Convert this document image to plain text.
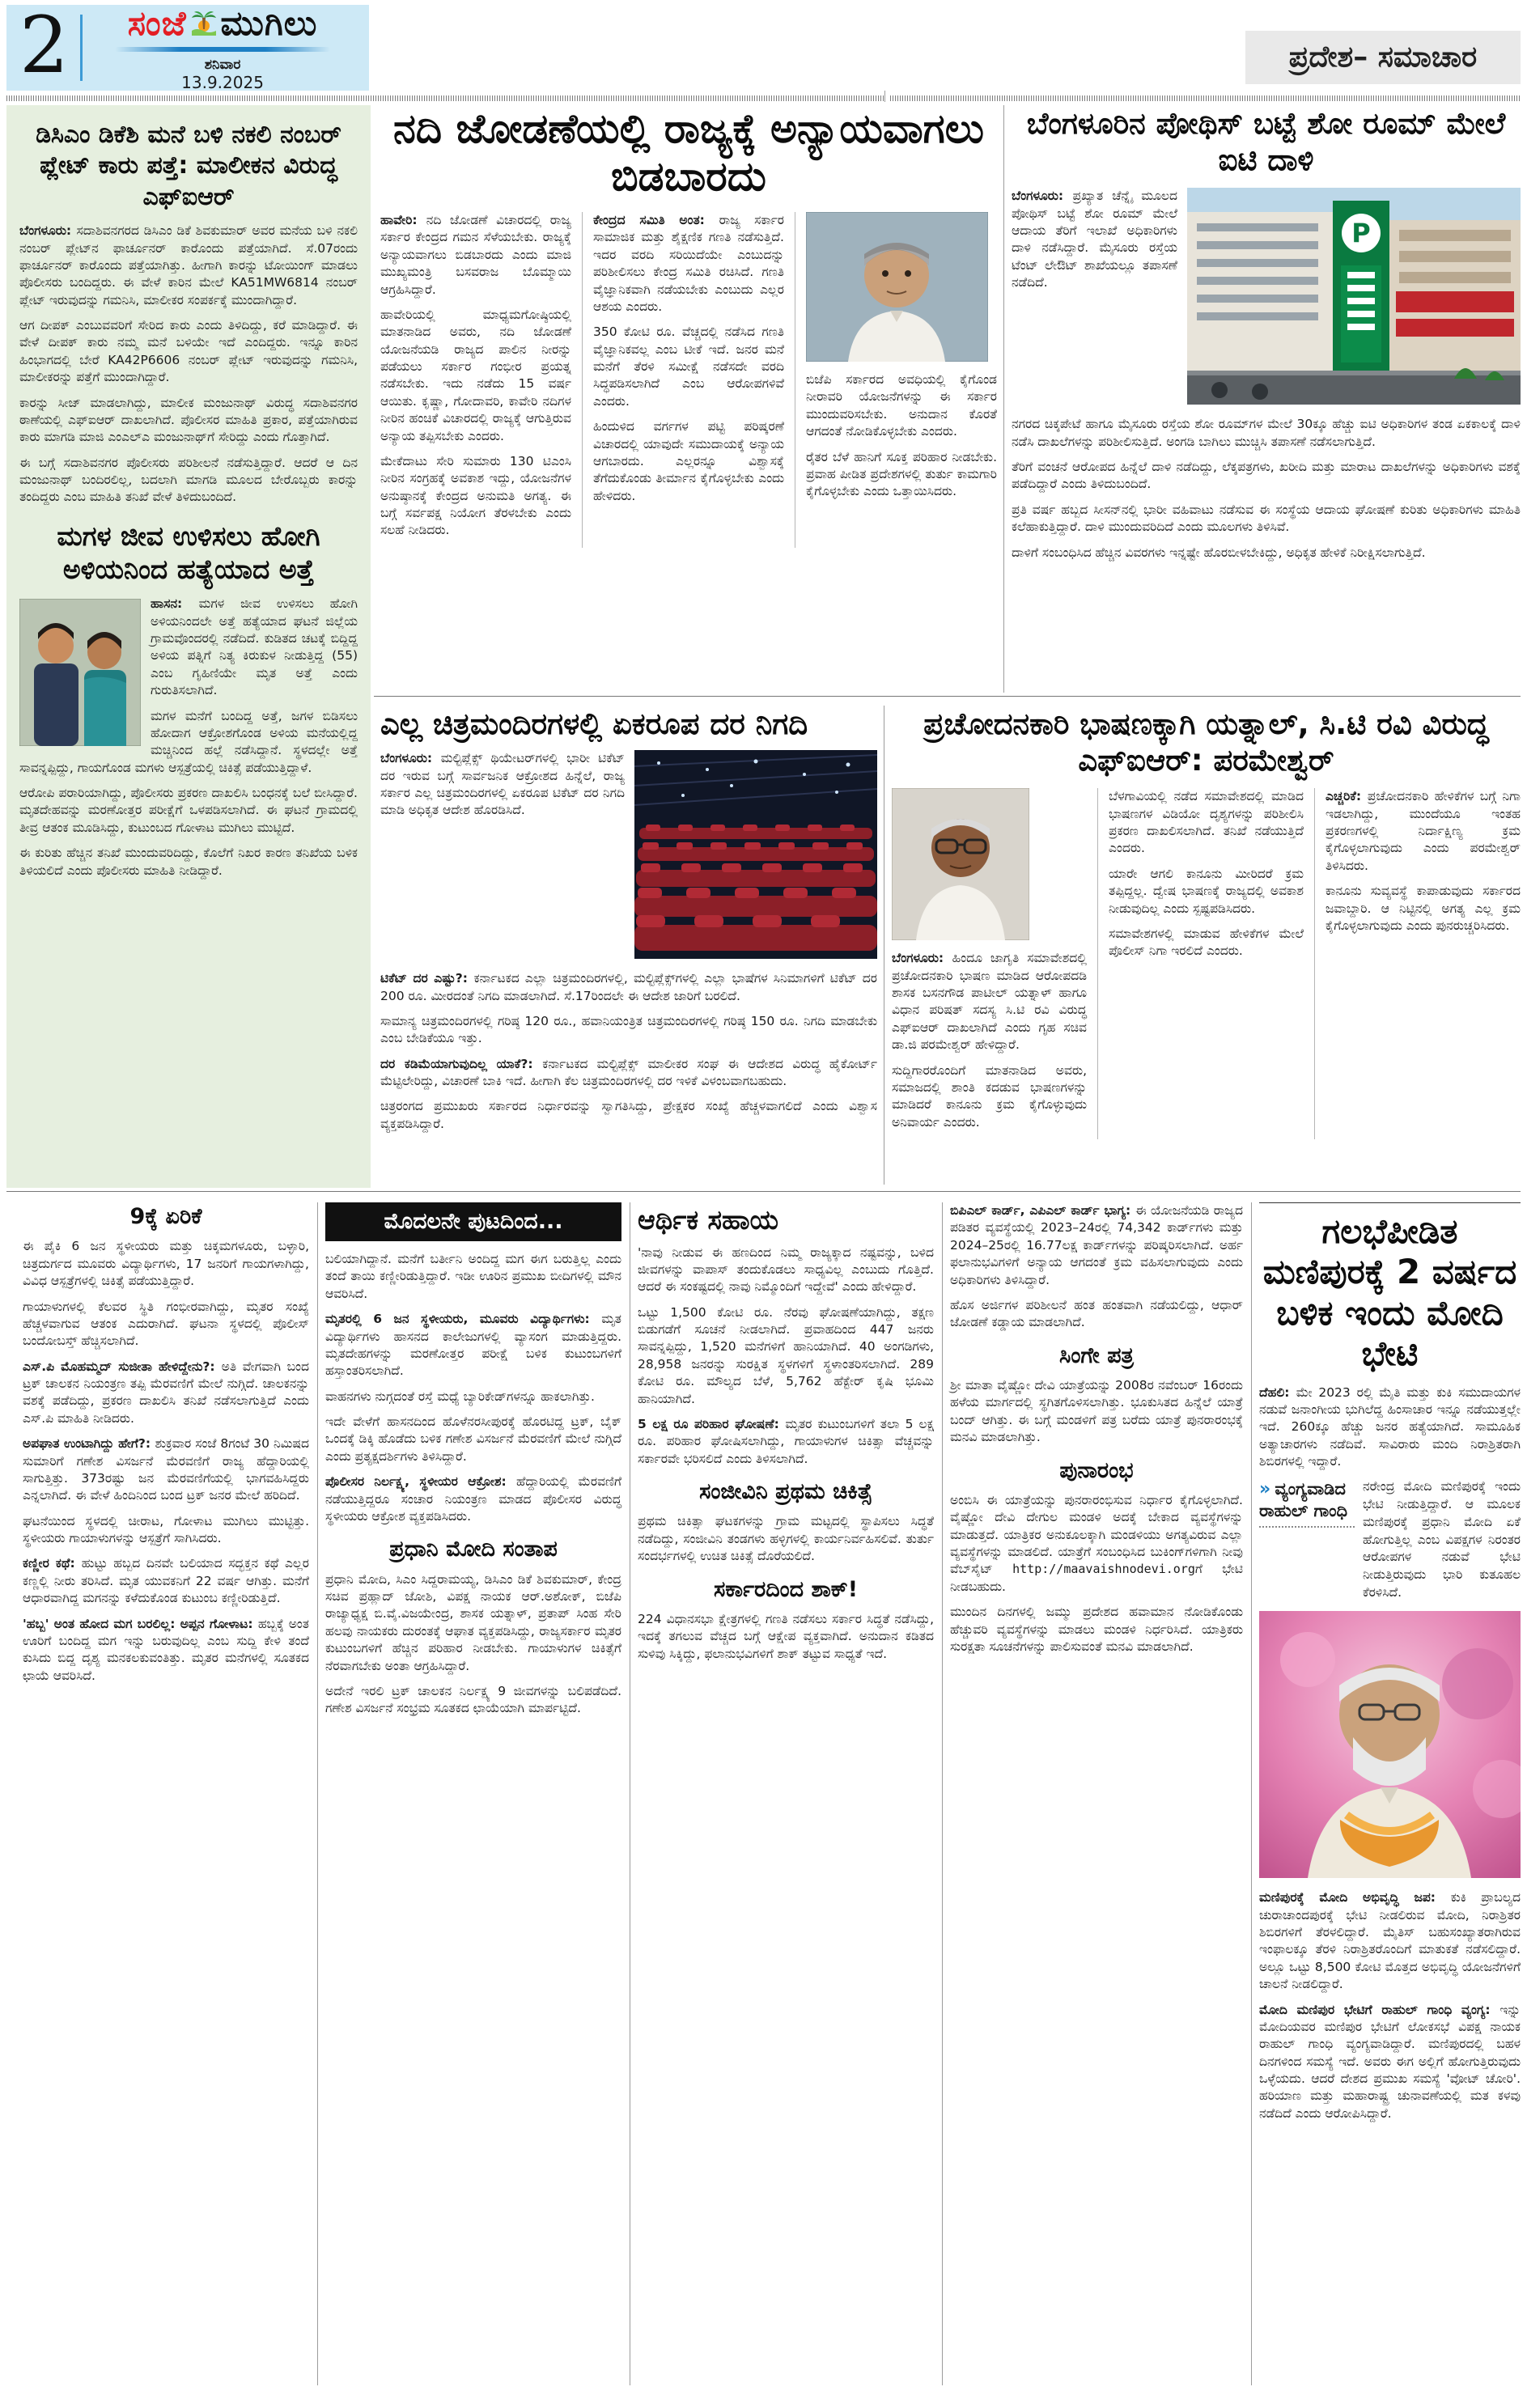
2	ಸಂಜೆ ಮುಗಿಲು
ಶನಿವಾರ
13.9.2025
ಪ್ರದೇಶ– ಸಮಾಚಾರ
ಡಿಸಿಎಂ ಡಿಕೆಶಿ ಮನೆ ಬಳಿ ನಕಲಿ ನಂಬರ್ ಪ್ಲೇಟ್ ಕಾರು ಪತ್ತೆ: ಮಾಲೀಕನ ವಿರುದ್ಧ ಎಫ್ಐಆರ್

ಬೆಂಗಳೂರು: ಸದಾಶಿವನಗರದ ಡಿಸಿಎಂ ಡಿಕೆ ಶಿವಕುಮಾರ್ ಅವರ ಮನೆಯ ಬಳಿ ನಕಲಿ ನಂಬರ್ ಪ್ಲೇಟ್‌ನ ಫಾರ್ಚೂನರ್ ಕಾರೊಂದು ಪತ್ತೆಯಾಗಿದೆ. ಸೆ.07ರಂದು ಫಾರ್ಚೂನರ್ ಕಾರೊಂದು ಪತ್ತೆಯಾಗಿತ್ತು. ಹೀಗಾಗಿ ಕಾರನ್ನು ಟೋಯಿಂಗ್ ಮಾಡಲು ಪೊಲೀಸರು ಬಂದಿದ್ದರು. ಈ ವೇಳೆ ಕಾರಿನ ಮೇಲೆ KA51MW6814 ನಂಬರ್ ಪ್ಲೇಟ್ ಇರುವುದನ್ನು ಗಮನಿಸಿ, ಮಾಲೀಕರ ಸಂಪರ್ಕಕ್ಕೆ ಮುಂದಾಗಿದ್ದಾರೆ.

ಆಗ ದೀಪಕ್ ಎಂಬುವವರಿಗೆ ಸೇರಿದ ಕಾರು ಎಂದು ತಿಳಿದಿದ್ದು, ಕರೆ ಮಾಡಿದ್ದಾರೆ. ಈ ವೇಳೆ ದೀಪಕ್ ಕಾರು ನಮ್ಮ ಮನೆ ಬಳಿಯೇ ಇದೆ ಎಂದಿದ್ದರು. ಇನ್ನೂ ಕಾರಿನ ಹಿಂಭಾಗದಲ್ಲಿ ಬೇರೆ KA42P6606 ನಂಬರ್ ಪ್ಲೇಟ್ ಇರುವುದನ್ನು ಗಮನಿಸಿ, ಮಾಲೀಕರನ್ನು ಪತ್ತೆಗೆ ಮುಂದಾಗಿದ್ದಾರೆ.

ಕಾರನ್ನು ಸೀಜ್ ಮಾಡಲಾಗಿದ್ದು, ಮಾಲೀಕ ಮಂಜುನಾಥ್ ವಿರುದ್ಧ ಸದಾಶಿವನಗರ ಠಾಣೆಯಲ್ಲಿ ಎಫ್ಐಆರ್ ದಾಖಲಾಗಿದೆ. ಪೊಲೀಸರ ಮಾಹಿತಿ ಪ್ರಕಾರ, ಪತ್ತೆಯಾಗಿರುವ ಕಾರು ಮಾಗಡಿ ಮಾಜಿ ಎಂಎಲ್ಎ ಮಂಜುನಾಥ್‌ಗೆ ಸೇರಿದ್ದು ಎಂದು ಗೊತ್ತಾಗಿದೆ.

ಈ ಬಗ್ಗೆ ಸದಾಶಿವನಗರ ಪೊಲೀಸರು ಪರಿಶೀಲನೆ ನಡೆಸುತ್ತಿದ್ದಾರೆ. ಆದರೆ ಆ ದಿನ ಮಂಜುನಾಥ್ ಬಂದಿರಲಿಲ್ಲ, ಬದಲಾಗಿ ಮಾಗಡಿ ಮೂಲದ ಬೇರೊಬ್ಬರು ಕಾರನ್ನು ತಂದಿದ್ದರು ಎಂಬ ಮಾಹಿತಿ ತನಿಖೆ ವೇಳೆ ತಿಳಿದುಬಂದಿದೆ.

ಮಗಳ ಜೀವ ಉಳಿಸಲು ಹೋಗಿ ಅಳಿಯನಿಂದ ಹತ್ಯೆಯಾದ ಅತ್ತೆ

ಹಾಸನ: ಮಗಳ ಜೀವ ಉಳಿಸಲು ಹೋಗಿ ಅಳಿಯನಿಂದಲೇ ಅತ್ತೆ ಹತ್ಯೆಯಾದ ಘಟನೆ ಜಿಲ್ಲೆಯ ಗ್ರಾಮವೊಂದರಲ್ಲಿ ನಡೆದಿದೆ. ಕುಡಿತದ ಚಟಕ್ಕೆ ಬಿದ್ದಿದ್ದ ಅಳಿಯ ಪತ್ನಿಗೆ ನಿತ್ಯ ಕಿರುಕುಳ ನೀಡುತ್ತಿದ್ದ (55) ಎಂಬ ಗೃಹಿಣಿಯೇ ಮೃತ ಅತ್ತೆ ಎಂದು ಗುರುತಿಸಲಾಗಿದೆ.

ಮಗಳ ಮನೆಗೆ ಬಂದಿದ್ದ ಅತ್ತೆ, ಜಗಳ ಬಿಡಿಸಲು ಹೋದಾಗ ಆಕ್ರೋಶಗೊಂಡ ಅಳಿಯ ಮನೆಯಲ್ಲಿದ್ದ ಮಚ್ಚಿನಿಂದ ಹಲ್ಲೆ ನಡೆಸಿದ್ದಾನೆ. ಸ್ಥಳದಲ್ಲೇ ಅತ್ತೆ ಸಾವನ್ನಪ್ಪಿದ್ದು, ಗಾಯಗೊಂಡ ಮಗಳು ಆಸ್ಪತ್ರೆಯಲ್ಲಿ ಚಿಕಿತ್ಸೆ ಪಡೆಯುತ್ತಿದ್ದಾಳೆ.

ಆರೋಪಿ ಪರಾರಿಯಾಗಿದ್ದು, ಪೊಲೀಸರು ಪ್ರಕರಣ ದಾಖಲಿಸಿ ಬಂಧನಕ್ಕೆ ಬಲೆ ಬೀಸಿದ್ದಾರೆ. ಮೃತದೇಹವನ್ನು ಮರಣೋತ್ತರ ಪರೀಕ್ಷೆಗೆ ಒಳಪಡಿಸಲಾಗಿದೆ. ಈ ಘಟನೆ ಗ್ರಾಮದಲ್ಲಿ ತೀವ್ರ ಆತಂಕ ಮೂಡಿಸಿದ್ದು, ಕುಟುಂಬದ ಗೋಳಾಟ ಮುಗಿಲು ಮುಟ್ಟಿದೆ.

ಈ ಕುರಿತು ಹೆಚ್ಚಿನ ತನಿಖೆ ಮುಂದುವರಿದಿದ್ದು, ಕೊಲೆಗೆ ನಿಖರ ಕಾರಣ ತನಿಖೆಯ ಬಳಿಕ ತಿಳಿಯಲಿದೆ ಎಂದು ಪೊಲೀಸರು ಮಾಹಿತಿ ನೀಡಿದ್ದಾರೆ.

ನದಿ ಜೋಡಣೆಯಲ್ಲಿ ರಾಜ್ಯಕ್ಕೆ ಅನ್ಯಾಯವಾಗಲು ಬಿಡಬಾರದು

ಹಾವೇರಿ: ನದಿ ಜೋಡಣೆ ವಿಚಾರದಲ್ಲಿ ರಾಜ್ಯ ಸರ್ಕಾರ ಕೇಂದ್ರದ ಗಮನ ಸೆಳೆಯಬೇಕು. ರಾಜ್ಯಕ್ಕೆ ಅನ್ಯಾಯವಾಗಲು ಬಿಡಬಾರದು ಎಂದು ಮಾಜಿ ಮುಖ್ಯಮಂತ್ರಿ ಬಸವರಾಜ ಬೊಮ್ಮಾಯಿ ಆಗ್ರಹಿಸಿದ್ದಾರೆ.

ಹಾವೇರಿಯಲ್ಲಿ ಮಾಧ್ಯಮಗೋಷ್ಠಿಯಲ್ಲಿ ಮಾತನಾಡಿದ ಅವರು, ನದಿ ಜೋಡಣೆ ಯೋಜನೆಯಡಿ ರಾಜ್ಯದ ಪಾಲಿನ ನೀರನ್ನು ಪಡೆಯಲು ಸರ್ಕಾರ ಗಂಭೀರ ಪ್ರಯತ್ನ ನಡೆಸಬೇಕು. ಇದು ನಡೆದು 15 ವರ್ಷ ಆಯಿತು. ಕೃಷ್ಣಾ, ಗೋದಾವರಿ, ಕಾವೇರಿ ನದಿಗಳ ನೀರಿನ ಹಂಚಿಕೆ ವಿಚಾರದಲ್ಲಿ ರಾಜ್ಯಕ್ಕೆ ಆಗುತ್ತಿರುವ ಅನ್ಯಾಯ ತಪ್ಪಿಸಬೇಕು ಎಂದರು.

ಮೇಕೆದಾಟು ಸೇರಿ ಸುಮಾರು 130 ಟಿಎಂಸಿ ನೀರಿನ ಸಂಗ್ರಹಕ್ಕೆ ಅವಕಾಶ ಇದ್ದು, ಯೋಜನೆಗಳ ಅನುಷ್ಠಾನಕ್ಕೆ ಕೇಂದ್ರದ ಅನುಮತಿ ಅಗತ್ಯ. ಈ ಬಗ್ಗೆ ಸರ್ವಪಕ್ಷ ನಿಯೋಗ ತೆರಳಬೇಕು ಎಂದು ಸಲಹೆ ನೀಡಿದರು.

ಕೇಂದ್ರದ ಸಮಿತಿ ಅಂತ: ರಾಜ್ಯ ಸರ್ಕಾರ ಸಾಮಾಜಿಕ ಮತ್ತು ಶೈಕ್ಷಣಿಕ ಗಣತಿ ನಡೆಸುತ್ತಿದೆ. ಇದರ ವರದಿ ಸರಿಯಿದೆಯೇ ಎಂಬುದನ್ನು ಪರಿಶೀಲಿಸಲು ಕೇಂದ್ರ ಸಮಿತಿ ರಚಿಸಿದೆ. ಗಣತಿ ವೈಜ್ಞಾನಿಕವಾಗಿ ನಡೆಯಬೇಕು ಎಂಬುದು ಎಲ್ಲರ ಆಶಯ ಎಂದರು.

350 ಕೋಟಿ ರೂ. ವೆಚ್ಚದಲ್ಲಿ ನಡೆಸಿದ ಗಣತಿ ವೈಜ್ಞಾನಿಕವಲ್ಲ ಎಂಬ ಟೀಕೆ ಇದೆ. ಜನರ ಮನೆ ಮನೆಗೆ ತೆರಳಿ ಸಮೀಕ್ಷೆ ನಡೆಸದೇ ವರದಿ ಸಿದ್ಧಪಡಿಸಲಾಗಿದೆ ಎಂಬ ಆರೋಪಗಳಿವೆ ಎಂದರು.

ಹಿಂದುಳಿದ ವರ್ಗಗಳ ಪಟ್ಟಿ ಪರಿಷ್ಕರಣೆ ವಿಚಾರದಲ್ಲಿ ಯಾವುದೇ ಸಮುದಾಯಕ್ಕೆ ಅನ್ಯಾಯ ಆಗಬಾರದು. ಎಲ್ಲರನ್ನೂ ವಿಶ್ವಾಸಕ್ಕೆ ತೆಗೆದುಕೊಂಡು ತೀರ್ಮಾನ ಕೈಗೊಳ್ಳಬೇಕು ಎಂದು ಹೇಳಿದರು.

ಬಿಜೆಪಿ ಸರ್ಕಾರದ ಅವಧಿಯಲ್ಲಿ ಕೈಗೊಂಡ ನೀರಾವರಿ ಯೋಜನೆಗಳನ್ನು ಈ ಸರ್ಕಾರ ಮುಂದುವರಿಸಬೇಕು. ಅನುದಾನ ಕೊರತೆ ಆಗದಂತೆ ನೋಡಿಕೊಳ್ಳಬೇಕು ಎಂದರು.

ರೈತರ ಬೆಳೆ ಹಾನಿಗೆ ಸೂಕ್ತ ಪರಿಹಾರ ನೀಡಬೇಕು. ಪ್ರವಾಹ ಪೀಡಿತ ಪ್ರದೇಶಗಳಲ್ಲಿ ತುರ್ತು ಕಾಮಗಾರಿ ಕೈಗೊಳ್ಳಬೇಕು ಎಂದು ಒತ್ತಾಯಿಸಿದರು.

ಬೆಂಗಳೂರಿನ ಪೋಥಿಸ್ ಬಟ್ಟೆ ಶೋ ರೂಮ್ ಮೇಲೆ ಐಟಿ ದಾಳಿ

ಬೆಂಗಳೂರು: ಪ್ರಖ್ಯಾತ ಚೆನ್ನೈ ಮೂಲದ ಪೋಥಿಸ್ ಬಟ್ಟೆ ಶೋ ರೂಮ್ ಮೇಲೆ ಆದಾಯ ತೆರಿಗೆ ಇಲಾಖೆ ಅಧಿಕಾರಿಗಳು ದಾಳಿ ನಡೆಸಿದ್ದಾರೆ. ಮೈಸೂರು ರಸ್ತೆಯ ಟೆಂಟ್ ಲೇಔಟ್ ಶಾಖೆಯಲ್ಲೂ ತಪಾಸಣೆ ನಡೆದಿದೆ.

P

ನಗರದ ಚಿಕ್ಕಪೇಟೆ ಹಾಗೂ ಮೈಸೂರು ರಸ್ತೆಯ ಶೋ ರೂಮ್‌ಗಳ ಮೇಲೆ 30ಕ್ಕೂ ಹೆಚ್ಚು ಐಟಿ ಅಧಿಕಾರಿಗಳ ತಂಡ ಏಕಕಾಲಕ್ಕೆ ದಾಳಿ ನಡೆಸಿ ದಾಖಲೆಗಳನ್ನು ಪರಿಶೀಲಿಸುತ್ತಿದೆ. ಅಂಗಡಿ ಬಾಗಿಲು ಮುಚ್ಚಿಸಿ ತಪಾಸಣೆ ನಡೆಸಲಾಗುತ್ತಿದೆ.

ತೆರಿಗೆ ವಂಚನೆ ಆರೋಪದ ಹಿನ್ನೆಲೆ ದಾಳಿ ನಡೆದಿದ್ದು, ಲೆಕ್ಕಪತ್ರಗಳು, ಖರೀದಿ ಮತ್ತು ಮಾರಾಟ ದಾಖಲೆಗಳನ್ನು ಅಧಿಕಾರಿಗಳು ವಶಕ್ಕೆ ಪಡೆದಿದ್ದಾರೆ ಎಂದು ತಿಳಿದುಬಂದಿದೆ.

ಪ್ರತಿ ವರ್ಷ ಹಬ್ಬದ ಸೀಸನ್‌ನಲ್ಲಿ ಭಾರೀ ವಹಿವಾಟು ನಡೆಸುವ ಈ ಸಂಸ್ಥೆಯ ಆದಾಯ ಘೋಷಣೆ ಕುರಿತು ಅಧಿಕಾರಿಗಳು ಮಾಹಿತಿ ಕಲೆಹಾಕುತ್ತಿದ್ದಾರೆ. ದಾಳಿ ಮುಂದುವರಿದಿದೆ ಎಂದು ಮೂಲಗಳು ತಿಳಿಸಿವೆ.

ದಾಳಿಗೆ ಸಂಬಂಧಿಸಿದ ಹೆಚ್ಚಿನ ವಿವರಗಳು ಇನ್ನಷ್ಟೇ ಹೊರಬೀಳಬೇಕಿದ್ದು, ಅಧಿಕೃತ ಹೇಳಿಕೆ ನಿರೀಕ್ಷಿಸಲಾಗುತ್ತಿದೆ.

ಎಲ್ಲ ಚಿತ್ರಮಂದಿರಗಳಲ್ಲಿ ಏಕರೂಪ ದರ ನಿಗದಿ

ಬೆಂಗಳೂರು: ಮಲ್ಟಿಪ್ಲೆಕ್ಸ್ ಥಿಯೇಟರ್‌ಗಳಲ್ಲಿ ಭಾರೀ ಟಿಕೆಟ್ ದರ ಇರುವ ಬಗ್ಗೆ ಸಾರ್ವಜನಿಕ ಆಕ್ರೋಶದ ಹಿನ್ನೆಲೆ, ರಾಜ್ಯ ಸರ್ಕಾರ ಎಲ್ಲ ಚಿತ್ರಮಂದಿರಗಳಲ್ಲಿ ಏಕರೂಪ ಟಿಕೆಟ್ ದರ ನಿಗದಿ ಮಾಡಿ ಅಧಿಕೃತ ಆದೇಶ ಹೊರಡಿಸಿದೆ.

ಟಿಕೆಟ್ ದರ ಎಷ್ಟು?: ಕರ್ನಾಟಕದ ಎಲ್ಲಾ ಚಿತ್ರಮಂದಿರಗಳಲ್ಲಿ, ಮಲ್ಟಿಪ್ಲೆಕ್ಸ್‌ಗಳಲ್ಲಿ ಎಲ್ಲಾ ಭಾಷೆಗಳ ಸಿನಿಮಾಗಳಿಗೆ ಟಿಕೆಟ್ ದರ 200 ರೂ. ಮೀರದಂತೆ ನಿಗದಿ ಮಾಡಲಾಗಿದೆ. ಸೆ.17ರಿಂದಲೇ ಈ ಆದೇಶ ಜಾರಿಗೆ ಬರಲಿದೆ.

ಸಾಮಾನ್ಯ ಚಿತ್ರಮಂದಿರಗಳಲ್ಲಿ ಗರಿಷ್ಠ 120 ರೂ., ಹವಾನಿಯಂತ್ರಿತ ಚಿತ್ರಮಂದಿರಗಳಲ್ಲಿ ಗರಿಷ್ಠ 150 ರೂ. ನಿಗದಿ ಮಾಡಬೇಕು ಎಂಬ ಬೇಡಿಕೆಯೂ ಇತ್ತು.

ದರ ಕಡಿಮೆಯಾಗುವುದಿಲ್ಲ ಯಾಕೆ?: ಕರ್ನಾಟಕದ ಮಲ್ಟಿಪ್ಲೆಕ್ಸ್ ಮಾಲೀಕರ ಸಂಘ ಈ ಆದೇಶದ ವಿರುದ್ಧ ಹೈಕೋರ್ಟ್ ಮೆಟ್ಟಿಲೇರಿದ್ದು, ವಿಚಾರಣೆ ಬಾಕಿ ಇದೆ. ಹೀಗಾಗಿ ಕೆಲ ಚಿತ್ರಮಂದಿರಗಳಲ್ಲಿ ದರ ಇಳಿಕೆ ವಿಳಂಬವಾಗಬಹುದು.

ಚಿತ್ರರಂಗದ ಪ್ರಮುಖರು ಸರ್ಕಾರದ ನಿರ್ಧಾರವನ್ನು ಸ್ವಾಗತಿಸಿದ್ದು, ಪ್ರೇಕ್ಷಕರ ಸಂಖ್ಯೆ ಹೆಚ್ಚಳವಾಗಲಿದೆ ಎಂದು ವಿಶ್ವಾಸ ವ್ಯಕ್ತಪಡಿಸಿದ್ದಾರೆ.

ಪ್ರಚೋದನಕಾರಿ ಭಾಷಣಕ್ಕಾಗಿ ಯತ್ನಾಲ್, ಸಿ.ಟಿ ರವಿ ವಿರುದ್ಧ ಎಫ್ಐಆರ್: ಪರಮೇಶ್ವರ್

ಬೆಂಗಳೂರು: ಹಿಂದೂ ಜಾಗೃತಿ ಸಮಾವೇಶದಲ್ಲಿ ಪ್ರಚೋದನಕಾರಿ ಭಾಷಣ ಮಾಡಿದ ಆರೋಪದಡಿ ಶಾಸಕ ಬಸನಗೌಡ ಪಾಟೀಲ್ ಯತ್ನಾಳ್ ಹಾಗೂ ವಿಧಾನ ಪರಿಷತ್ ಸದಸ್ಯ ಸಿ.ಟಿ ರವಿ ವಿರುದ್ಧ ಎಫ್ಐಆರ್ ದಾಖಲಾಗಿದೆ ಎಂದು ಗೃಹ ಸಚಿವ ಡಾ.ಜಿ ಪರಮೇಶ್ವರ್ ಹೇಳಿದ್ದಾರೆ.

ಸುದ್ದಿಗಾರರೊಂದಿಗೆ ಮಾತನಾಡಿದ ಅವರು, ಸಮಾಜದಲ್ಲಿ ಶಾಂತಿ ಕದಡುವ ಭಾಷಣಗಳನ್ನು ಮಾಡಿದರೆ ಕಾನೂನು ಕ್ರಮ ಕೈಗೊಳ್ಳುವುದು ಅನಿವಾರ್ಯ ಎಂದರು.

ಬೆಳಗಾವಿಯಲ್ಲಿ ನಡೆದ ಸಮಾವೇಶದಲ್ಲಿ ಮಾಡಿದ ಭಾಷಣಗಳ ವಿಡಿಯೋ ದೃಶ್ಯಗಳನ್ನು ಪರಿಶೀಲಿಸಿ ಪ್ರಕರಣ ದಾಖಲಿಸಲಾಗಿದೆ. ತನಿಖೆ ನಡೆಯುತ್ತಿದೆ ಎಂದರು.

ಯಾರೇ ಆಗಲಿ ಕಾನೂನು ಮೀರಿದರೆ ಕ್ರಮ ತಪ್ಪಿದ್ದಲ್ಲ. ದ್ವೇಷ ಭಾಷಣಕ್ಕೆ ರಾಜ್ಯದಲ್ಲಿ ಅವಕಾಶ ನೀಡುವುದಿಲ್ಲ ಎಂದು ಸ್ಪಷ್ಟಪಡಿಸಿದರು.

ಸಮಾವೇಶಗಳಲ್ಲಿ ಮಾಡುವ ಹೇಳಿಕೆಗಳ ಮೇಲೆ ಪೊಲೀಸ್ ನಿಗಾ ಇರಲಿದೆ ಎಂದರು.

ಎಚ್ಚರಿಕೆ: ಪ್ರಚೋದನಕಾರಿ ಹೇಳಿಕೆಗಳ ಬಗ್ಗೆ ನಿಗಾ ಇಡಲಾಗಿದ್ದು, ಮುಂದೆಯೂ ಇಂತಹ ಪ್ರಕರಣಗಳಲ್ಲಿ ನಿರ್ದಾಕ್ಷಿಣ್ಯ ಕ್ರಮ ಕೈಗೊಳ್ಳಲಾಗುವುದು ಎಂದು ಪರಮೇಶ್ವರ್ ತಿಳಿಸಿದರು.

ಕಾನೂನು ಸುವ್ಯವಸ್ಥೆ ಕಾಪಾಡುವುದು ಸರ್ಕಾರದ ಜವಾಬ್ದಾರಿ. ಆ ನಿಟ್ಟಿನಲ್ಲಿ ಅಗತ್ಯ ಎಲ್ಲ ಕ್ರಮ ಕೈಗೊಳ್ಳಲಾಗುವುದು ಎಂದು ಪುನರುಚ್ಚರಿಸಿದರು.

9ಕ್ಕೆ ಏರಿಕೆ

ಈ ಪೈಕಿ 6 ಜನ ಸ್ಥಳೀಯರು ಮತ್ತು ಚಿಕ್ಕಮಗಳೂರು, ಬಳ್ಳಾರಿ, ಚಿತ್ರದುರ್ಗದ ಮೂವರು ವಿದ್ಯಾರ್ಥಿಗಳು, 17 ಜನರಿಗೆ ಗಾಯಗಳಾಗಿದ್ದು, ವಿವಿಧ ಆಸ್ಪತ್ರೆಗಳಲ್ಲಿ ಚಿಕಿತ್ಸೆ ಪಡೆಯುತ್ತಿದ್ದಾರೆ.

ಗಾಯಾಳುಗಳಲ್ಲಿ ಕೆಲವರ ಸ್ಥಿತಿ ಗಂಭೀರವಾಗಿದ್ದು, ಮೃತರ ಸಂಖ್ಯೆ ಹೆಚ್ಚಳವಾಗುವ ಆತಂಕ ಎದುರಾಗಿದೆ. ಘಟನಾ ಸ್ಥಳದಲ್ಲಿ ಪೊಲೀಸ್ ಬಂದೋಬಸ್ತ್ ಹೆಚ್ಚಿಸಲಾಗಿದೆ.

ಎಸ್.ಪಿ ಮೊಹಮ್ಮದ್ ಸುಜೀತಾ ಹೇಳಿದ್ದೇನು?: ಅತಿ ವೇಗವಾಗಿ ಬಂದ ಟ್ರಕ್ ಚಾಲಕನ ನಿಯಂತ್ರಣ ತಪ್ಪಿ ಮೆರವಣಿಗೆ ಮೇಲೆ ನುಗ್ಗಿದೆ. ಚಾಲಕನನ್ನು ವಶಕ್ಕೆ ಪಡೆದಿದ್ದು, ಪ್ರಕರಣ ದಾಖಲಿಸಿ ತನಿಖೆ ನಡೆಸಲಾಗುತ್ತಿದೆ ಎಂದು ಎಸ್.ಪಿ ಮಾಹಿತಿ ನೀಡಿದರು.

ಅಪಘಾತ ಉಂಟಾಗಿದ್ದು ಹೇಗೆ?: ಶುಕ್ರವಾರ ಸಂಜೆ 8ಗಂಟೆ 30 ನಿಮಿಷದ ಸುಮಾರಿಗೆ ಗಣೇಶ ವಿಸರ್ಜನೆ ಮೆರವಣಿಗೆ ರಾಜ್ಯ ಹೆದ್ದಾರಿಯಲ್ಲಿ ಸಾಗುತ್ತಿತ್ತು. 373ರಷ್ಟು ಜನ ಮೆರವಣಿಗೆಯಲ್ಲಿ ಭಾಗವಹಿಸಿದ್ದರು ಎನ್ನಲಾಗಿದೆ. ಈ ವೇಳೆ ಹಿಂದಿನಿಂದ ಬಂದ ಟ್ರಕ್ ಜನರ ಮೇಲೆ ಹರಿದಿದೆ.

ಘಟನೆಯಿಂದ ಸ್ಥಳದಲ್ಲಿ ಚೀರಾಟ, ಗೋಳಾಟ ಮುಗಿಲು ಮುಟ್ಟಿತ್ತು. ಸ್ಥಳೀಯರು ಗಾಯಾಳುಗಳನ್ನು ಆಸ್ಪತ್ರೆಗೆ ಸಾಗಿಸಿದರು.

ಕಣ್ಣೀರ ಕಥೆ: ಹುಟ್ಟು ಹಬ್ಬದ ದಿನವೇ ಬಲಿಯಾದ ಸದ್ಭಕ್ತನ ಕಥೆ ಎಲ್ಲರ ಕಣ್ಣಲ್ಲಿ ನೀರು ತರಿಸಿದೆ. ಮೃತ ಯುವಕನಿಗೆ 22 ವರ್ಷ ಆಗಿತ್ತು. ಮನೆಗೆ ಆಧಾರವಾಗಿದ್ದ ಮಗನನ್ನು ಕಳೆದುಕೊಂಡ ಕುಟುಂಬ ಕಣ್ಣೀರಿಡುತ್ತಿದೆ.

'ಹಬ್ಬ' ಅಂತ ಹೋದ ಮಗ ಬರಲಿಲ್ಲ: ಅಪ್ಪನ ಗೋಳಾಟ: ಹಬ್ಬಕ್ಕೆ ಅಂತ ಊರಿಗೆ ಬಂದಿದ್ದ ಮಗ ಇನ್ನು ಬರುವುದಿಲ್ಲ ಎಂಬ ಸುದ್ದಿ ಕೇಳಿ ತಂದೆ ಕುಸಿದು ಬಿದ್ದ ದೃಶ್ಯ ಮನಕಲಕುವಂತಿತ್ತು. ಮೃತರ ಮನೆಗಳಲ್ಲಿ ಸೂತಕದ ಛಾಯೆ ಆವರಿಸಿದೆ.

ಮೊದಲನೇ ಪುಟದಿಂದ...

ಬಲಿಯಾಗಿದ್ದಾನೆ. ಮನೆಗೆ ಬರ್ತೀನಿ ಅಂದಿದ್ದ ಮಗ ಈಗ ಬರುತ್ತಿಲ್ಲ ಎಂದು ತಂದೆ ತಾಯಿ ಕಣ್ಣೀರಿಡುತ್ತಿದ್ದಾರೆ. ಇಡೀ ಊರಿನ ಪ್ರಮುಖ ಬೀದಿಗಳಲ್ಲಿ ಮೌನ ಆವರಿಸಿದೆ.

ಮೃತರಲ್ಲಿ 6 ಜನ ಸ್ಥಳೀಯರು, ಮೂವರು ವಿದ್ಯಾರ್ಥಿಗಳು: ಮೃತ ವಿದ್ಯಾರ್ಥಿಗಳು ಹಾಸನದ ಕಾಲೇಜುಗಳಲ್ಲಿ ವ್ಯಾಸಂಗ ಮಾಡುತ್ತಿದ್ದರು. ಮೃತದೇಹಗಳನ್ನು ಮರಣೋತ್ತರ ಪರೀಕ್ಷೆ ಬಳಿಕ ಕುಟುಂಬಗಳಿಗೆ ಹಸ್ತಾಂತರಿಸಲಾಗಿದೆ.

ವಾಹನಗಳು ನುಗ್ಗದಂತೆ ರಸ್ತೆ ಮಧ್ಯೆ ಬ್ಯಾರಿಕೇಡ್‌ಗಳನ್ನೂ ಹಾಕಲಾಗಿತ್ತು.

ಇದೇ ವೇಳೆಗೆ ಹಾಸನದಿಂದ ಹೊಳೆನರಸೀಪುರಕ್ಕೆ ಹೊರಟಿದ್ದ ಟ್ರಕ್, ಬೈಕ್ ಒಂದಕ್ಕೆ ಡಿಕ್ಕಿ ಹೊಡೆದು ಬಳಿಕ ಗಣೇಶ ವಿಸರ್ಜನೆ ಮೆರವಣಿಗೆ ಮೇಲೆ ನುಗ್ಗಿದೆ ಎಂದು ಪ್ರತ್ಯಕ್ಷದರ್ಶಿಗಳು ತಿಳಿಸಿದ್ದಾರೆ.

ಪೊಲೀಸರ ನಿರ್ಲಕ್ಷ್ಯ, ಸ್ಥಳೀಯರ ಆಕ್ರೋಶ: ಹೆದ್ದಾರಿಯಲ್ಲಿ ಮೆರವಣಿಗೆ ನಡೆಯುತ್ತಿದ್ದರೂ ಸಂಚಾರ ನಿಯಂತ್ರಣ ಮಾಡದ ಪೊಲೀಸರ ವಿರುದ್ಧ ಸ್ಥಳೀಯರು ಆಕ್ರೋಶ ವ್ಯಕ್ತಪಡಿಸಿದರು.

ಪ್ರಧಾನಿ ಮೋದಿ ಸಂತಾಪ

ಪ್ರಧಾನಿ ಮೋದಿ, ಸಿಎಂ ಸಿದ್ದರಾಮಯ್ಯ, ಡಿಸಿಎಂ ಡಿಕೆ ಶಿವಕುಮಾರ್, ಕೇಂದ್ರ ಸಚಿವ ಪ್ರಹ್ಲಾದ್ ಜೋಶಿ, ವಿಪಕ್ಷ ನಾಯಕ ಆರ್.ಅಶೋಕ್, ಬಿಜೆಪಿ ರಾಜ್ಯಾಧ್ಯಕ್ಷ ಬಿ.ವೈ.ವಿಜಯೇಂದ್ರ, ಶಾಸಕ ಯತ್ನಾಳ್, ಪ್ರತಾಪ್ ಸಿಂಹ ಸೇರಿ ಹಲವು ನಾಯಕರು ದುರಂತಕ್ಕೆ ಆಘಾತ ವ್ಯಕ್ತಪಡಿಸಿದ್ದು, ರಾಜ್ಯಸರ್ಕಾರ ಮೃತರ ಕುಟುಂಬಗಳಿಗೆ ಹೆಚ್ಚಿನ ಪರಿಹಾರ ನೀಡಬೇಕು. ಗಾಯಾಳುಗಳ ಚಿಕಿತ್ಸೆಗೆ ನೆರವಾಗಬೇಕು ಅಂತಾ ಆಗ್ರಹಿಸಿದ್ದಾರೆ.

ಅದೇನೆ ಇರಲಿ ಟ್ರಕ್ ಚಾಲಕನ ನಿರ್ಲಕ್ಷ್ಯ 9 ಜೀವಗಳನ್ನು ಬಲಿಪಡೆದಿದೆ. ಗಣೇಶ ವಿಸರ್ಜನೆ ಸಂಭ್ರಮ ಸೂತಕದ ಛಾಯೆಯಾಗಿ ಮಾರ್ಪಟ್ಟಿದೆ.

ಆರ್ಥಿಕ ಸಹಾಯ

'ನಾವು ನೀಡುವ ಈ ಹಣದಿಂದ ನಿಮ್ಮ ರಾಜ್ಯಕ್ಕಾದ ನಷ್ಟವನ್ನು, ಬಳಿದ ಜೀವಗಳನ್ನು ವಾಪಾಸ್ ತಂದುಕೊಡಲು ಸಾಧ್ಯವಿಲ್ಲ ಎಂಬುದು ಗೊತ್ತಿದೆ. ಆದರೆ ಈ ಸಂಕಷ್ಟದಲ್ಲಿ ನಾವು ನಿಮ್ಮೊಂದಿಗೆ ಇದ್ದೇವೆ' ಎಂದು ಹೇಳಿದ್ದಾರೆ.

ಒಟ್ಟು 1,500 ಕೋಟಿ ರೂ. ನೆರವು ಘೋಷಣೆಯಾಗಿದ್ದು, ತಕ್ಷಣ ಬಿಡುಗಡೆಗೆ ಸೂಚನೆ ನೀಡಲಾಗಿದೆ. ಪ್ರವಾಹದಿಂದ 447 ಜನರು ಸಾವನ್ನಪ್ಪಿದ್ದು, 1,520 ಮನೆಗಳಿಗೆ ಹಾನಿಯಾಗಿದೆ. 40 ಅಂಗಡಿಗಳು, 28,958 ಜನರನ್ನು ಸುರಕ್ಷಿತ ಸ್ಥಳಗಳಿಗೆ ಸ್ಥಳಾಂತರಿಸಲಾಗಿದೆ. 289 ಕೋಟಿ ರೂ. ಮೌಲ್ಯದ ಬೆಳೆ, 5,762 ಹೆಕ್ಟೇರ್ ಕೃಷಿ ಭೂಮಿ ಹಾನಿಯಾಗಿದೆ.

5 ಲಕ್ಷ ರೂ ಪರಿಹಾರ ಘೋಷಣೆ: ಮೃತರ ಕುಟುಂಬಗಳಿಗೆ ತಲಾ 5 ಲಕ್ಷ ರೂ. ಪರಿಹಾರ ಘೋಷಿಸಲಾಗಿದ್ದು, ಗಾಯಾಳುಗಳ ಚಿಕಿತ್ಸಾ ವೆಚ್ಚವನ್ನು ಸರ್ಕಾರವೇ ಭರಿಸಲಿದೆ ಎಂದು ತಿಳಿಸಲಾಗಿದೆ.

ಸಂಜೀವಿನಿ ಪ್ರಥಮ ಚಿಕಿತ್ಸೆ

ಪ್ರಥಮ ಚಿಕಿತ್ಸಾ ಘಟಕಗಳನ್ನು ಗ್ರಾಮ ಮಟ್ಟದಲ್ಲಿ ಸ್ಥಾಪಿಸಲು ಸಿದ್ಧತೆ ನಡೆದಿದ್ದು, ಸಂಜೀವಿನಿ ತಂಡಗಳು ಹಳ್ಳಿಗಳಲ್ಲಿ ಕಾರ್ಯನಿರ್ವಹಿಸಲಿವೆ. ತುರ್ತು ಸಂದರ್ಭಗಳಲ್ಲಿ ಉಚಿತ ಚಿಕಿತ್ಸೆ ದೊರೆಯಲಿದೆ.

ಸರ್ಕಾರದಿಂದ ಶಾಕ್!

224 ವಿಧಾನಸಭಾ ಕ್ಷೇತ್ರಗಳಲ್ಲಿ ಗಣತಿ ನಡೆಸಲು ಸರ್ಕಾರ ಸಿದ್ಧತೆ ನಡೆಸಿದ್ದು, ಇದಕ್ಕೆ ತಗಲುವ ವೆಚ್ಚದ ಬಗ್ಗೆ ಆಕ್ಷೇಪ ವ್ಯಕ್ತವಾಗಿದೆ. ಅನುದಾನ ಕಡಿತದ ಸುಳಿವು ಸಿಕ್ಕಿದ್ದು, ಫಲಾನುಭವಿಗಳಿಗೆ ಶಾಕ್ ತಟ್ಟುವ ಸಾಧ್ಯತೆ ಇದೆ.

ಬಿಪಿಎಲ್ ಕಾರ್ಡ್, ಎಪಿಎಲ್ ಕಾರ್ಡ್ ಭಾಗ್ಯ: ಈ ಯೋಜನೆಯಡಿ ರಾಜ್ಯದ ಪಡಿತರ ವ್ಯವಸ್ಥೆಯಲ್ಲಿ 2023–24ರಲ್ಲಿ 74,342 ಕಾರ್ಡ್‌ಗಳು ಮತ್ತು 2024–25ರಲ್ಲಿ 16.77ಲಕ್ಷ ಕಾರ್ಡ್‌ಗಳನ್ನು ಪರಿಷ್ಕರಿಸಲಾಗಿದೆ. ಅರ್ಹ ಫಲಾನುಭವಿಗಳಿಗೆ ಅನ್ಯಾಯ ಆಗದಂತೆ ಕ್ರಮ ವಹಿಸಲಾಗುವುದು ಎಂದು ಅಧಿಕಾರಿಗಳು ತಿಳಿಸಿದ್ದಾರೆ.

ಹೊಸ ಅರ್ಜಿಗಳ ಪರಿಶೀಲನೆ ಹಂತ ಹಂತವಾಗಿ ನಡೆಯಲಿದ್ದು, ಆಧಾರ್ ಜೋಡಣೆ ಕಡ್ಡಾಯ ಮಾಡಲಾಗಿದೆ.

ಸಿಂಗೇ ಪತ್ರ

ಶ್ರೀ ಮಾತಾ ವೈಷ್ಣೋ ದೇವಿ ಯಾತ್ರೆಯನ್ನು 2008ರ ನವೆಂಬರ್ 16ರಂದು ಹಳೆಯ ಮಾರ್ಗದಲ್ಲಿ ಸ್ಥಗಿತಗೊಳಿಸಲಾಗಿತ್ತು. ಭೂಕುಸಿತದ ಹಿನ್ನೆಲೆ ಯಾತ್ರೆ ಬಂದ್ ಆಗಿತ್ತು. ಈ ಬಗ್ಗೆ ಮಂಡಳಿಗೆ ಪತ್ರ ಬರೆದು ಯಾತ್ರೆ ಪುನರಾರಂಭಕ್ಕೆ ಮನವಿ ಮಾಡಲಾಗಿತ್ತು.

ಪುನಾರಂಭ

ಅಂಬಿಸಿ ಈ ಯಾತ್ರೆಯನ್ನು ಪುನರಾರಂಭಿಸುವ ನಿರ್ಧಾರ ಕೈಗೊಳ್ಳಲಾಗಿದೆ. ವೈಷ್ಣೋ ದೇವಿ ದೇಗುಲ ಮಂಡಳಿ ಅದಕ್ಕೆ ಬೇಕಾದ ವ್ಯವಸ್ಥೆಗಳನ್ನು ಮಾಡುತ್ತದೆ. ಯಾತ್ರಿಕರ ಅನುಕೂಲಕ್ಕಾಗಿ ಮಂಡಳಿಯು ಅಗತ್ಯವಿರುವ ಎಲ್ಲಾ ವ್ಯವಸ್ಥೆಗಳನ್ನು ಮಾಡಲಿದೆ. ಯಾತ್ರೆಗೆ ಸಂಬಂಧಿಸಿದ ಬುಕಿಂಗ್‌ಗಳಿಗಾಗಿ ನೀವು ವೆಬ್‌ಸೈಟ್ http://maavaishnodevi.orgಗೆ ಭೇಟಿ ನೀಡಬಹುದು.

ಮುಂದಿನ ದಿನಗಳಲ್ಲಿ ಜಮ್ಮು ಪ್ರದೇಶದ ಹವಾಮಾನ ನೋಡಿಕೊಂಡು ಹೆಚ್ಚುವರಿ ವ್ಯವಸ್ಥೆಗಳನ್ನು ಮಾಡಲು ಮಂಡಳಿ ನಿರ್ಧರಿಸಿದೆ. ಯಾತ್ರಿಕರು ಸುರಕ್ಷತಾ ಸೂಚನೆಗಳನ್ನು ಪಾಲಿಸುವಂತೆ ಮನವಿ ಮಾಡಲಾಗಿದೆ.

ಗಲಭೆಪೀಡಿತ ಮಣಿಪುರಕ್ಕೆ 2 ವರ್ಷದ ಬಳಿಕ ಇಂದು ಮೋದಿ ಭೇಟಿ

ದೆಹಲಿ: ಮೇ 2023 ರಲ್ಲಿ ಮೈತಿ ಮತ್ತು ಕುಕಿ ಸಮುದಾಯಗಳ ನಡುವೆ ಜನಾಂಗೀಯ ಭುಗಿಲೆದ್ದ ಹಿಂಸಾಚಾರ ಇನ್ನೂ ನಡೆಯುತ್ತಲ್ಲೇ ಇದೆ. 260ಕ್ಕೂ ಹೆಚ್ಚು ಜನರ ಹತ್ಯೆಯಾಗಿದೆ. ಸಾಮೂಹಿಕ ಅತ್ಯಾಚಾರಗಳು ನಡೆದಿವೆ. ಸಾವಿರಾರು ಮಂದಿ ನಿರಾಶ್ರಿತರಾಗಿ ಶಿಬಿರಗಳಲ್ಲಿ ಇದ್ದಾರೆ.

» ವ್ಯಂಗ್ಯವಾಡಿದ ರಾಹುಲ್ ಗಾಂಧಿ
ನರೇಂದ್ರ ಮೋದಿ ಮಣಿಪುರಕ್ಕೆ ಇಂದು ಭೇಟಿ ನೀಡುತ್ತಿದ್ದಾರೆ. ಆ ಮೂಲಕ ಮಣಿಪುರಕ್ಕೆ ಪ್ರಧಾನಿ ಮೋದಿ ಏಕೆ ಹೋಗುತ್ತಿಲ್ಲ ಎಂಬ ವಿಪಕ್ಷಗಳ ನಿರಂತರ ಆರೋಪಗಳ ನಡುವೆ ಭೇಟಿ ನೀಡುತ್ತಿರುವುದು ಭಾರಿ ಕುತೂಹಲ ಕೆರಳಿಸಿದೆ.

ಮಣಿಪುರಕ್ಕೆ ಮೋದಿ ಅಭಿವೃದ್ಧಿ ಜಪ: ಕುಕಿ ಪ್ರಾಬಲ್ಯದ ಚುರಾಚಾಂದಪುರಕ್ಕೆ ಭೇಟಿ ನೀಡಲಿರುವ ಮೋದಿ, ನಿರಾಶ್ರಿತರ ಶಿಬಿರಗಳಿಗೆ ತೆರಳಲಿದ್ದಾರೆ. ಮೈತಿಸ್ ಬಹುಸಂಖ್ಯಾತರಾಗಿರುವ ಇಂಫಾಲಕ್ಕೂ ತೆರಳಿ ನಿರಾಶ್ರಿತರೊಂದಿಗೆ ಮಾತುಕತೆ ನಡೆಸಲಿದ್ದಾರೆ. ಅಲ್ಲೂ ಒಟ್ಟು 8,500 ಕೋಟಿ ಮೊತ್ತದ ಅಭಿವೃದ್ಧಿ ಯೋಜನೆಗಳಿಗೆ ಚಾಲನೆ ನೀಡಲಿದ್ದಾರೆ.

ಮೋದಿ ಮಣಿಪುರ ಭೇಟಿಗೆ ರಾಹುಲ್ ಗಾಂಧಿ ವ್ಯಂಗ್ಯ: ಇನ್ನು ಮೋದಿಯವರ ಮಣಿಪುರ ಭೇಟಿಗೆ ಲೋಕಸಭೆ ವಿಪಕ್ಷ ನಾಯಕ ರಾಹುಲ್ ಗಾಂಧಿ ವ್ಯಂಗ್ಯವಾಡಿದ್ದಾರೆ. ಮಣಿಪುರದಲ್ಲಿ ಬಹಳ ದಿನಗಳಿಂದ ಸಮಸ್ಯೆ ಇದೆ. ಅವರು ಈಗ ಅಲ್ಲಿಗೆ ಹೋಗುತ್ತಿರುವುದು ಒಳ್ಳೆಯದು. ಆದರೆ ದೇಶದ ಪ್ರಮುಖ ಸಮಸ್ಯೆ 'ವೋಟ್ ಚೋರಿ'. ಹರಿಯಾಣ ಮತ್ತು ಮಹಾರಾಷ್ಟ್ರ ಚುನಾವಣೆಯಲ್ಲಿ ಮತ ಕಳವು ನಡೆದಿದೆ ಎಂದು ಆರೋಪಿಸಿದ್ದಾರೆ.
